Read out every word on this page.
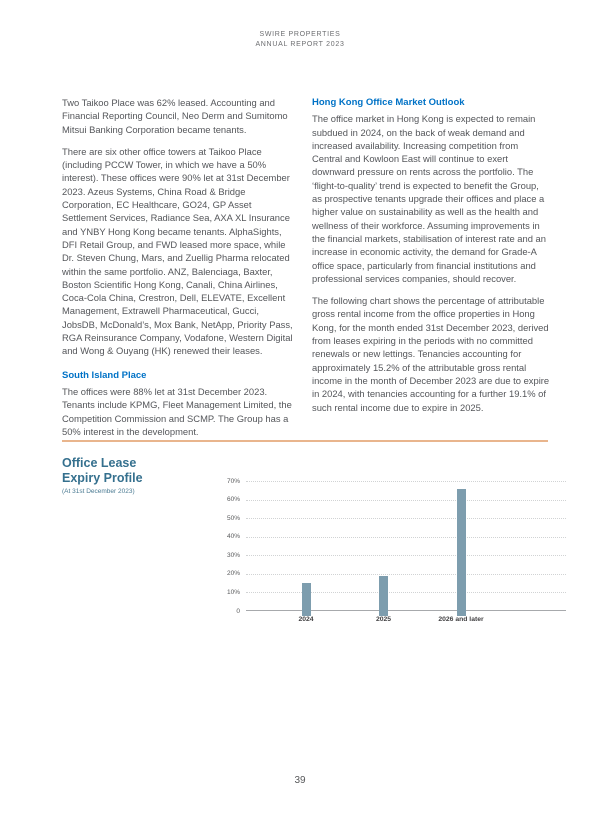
SWIRE PROPERTIES
ANNUAL REPORT 2023

Two Taikoo Place was 62% leased. Accounting and Financial Reporting Council, Neo Derm and Sumitomo Mitsui Banking Corporation became tenants.

There are six other office towers at Taikoo Place (including PCCW Tower, in which we have a 50% interest). These offices were 90% let at 31st December 2023. Azeus Systems, China Road & Bridge Corporation, EC Healthcare, GO24, GP Asset Settlement Services, Radiance Sea, AXA XL Insurance and YNBY Hong Kong became tenants. AlphaSights, DFI Retail Group, and FWD leased more space, while Dr. Steven Chung, Mars, and Zuellig Pharma relocated within the same portfolio. ANZ, Balenciaga, Baxter, Boston Scientific Hong Kong, Canali, China Airlines, Coca-Cola China, Crestron, Dell, ELEVATE, Excellent Management, Extrawell Pharmaceutical, Gucci, JobsDB, McDonald’s, Mox Bank, NetApp, Priority Pass, RGA Reinsurance Company, Vodafone, Western Digital and Wong & Ouyang (HK) renewed their leases.

South Island Place

The offices were 88% let at 31st December 2023. Tenants include KPMG, Fleet Management Limited, the Competition Commission and SCMP. The Group has a 50% interest in the development.

Hong Kong Office Market Outlook

The office market in Hong Kong is expected to remain subdued in 2024, on the back of weak demand and increased availability. Increasing competition from Central and Kowloon East will continue to exert downward pressure on rents across the portfolio. The ‘flight-to-quality’ trend is expected to benefit the Group, as prospective tenants upgrade their offices and place a higher value on sustainability as well as the health and wellness of their workforce. Assuming improvements in the financial markets, stabilisation of interest rate and an increase in economic activity, the demand for Grade-A office space, particularly from financial institutions and professional services companies, should recover.

The following chart shows the percentage of attributable gross rental income from the office properties in Hong Kong, for the month ended 31st December 2023, derived from leases expiring in the periods with no committed renewals or new lettings. Tenancies accounting for approximately 15.2% of the attributable gross rental income in the month of December 2023 are due to expire in 2024, with tenancies accounting for a further 19.1% of such rental income due to expire in 2025.

Office Lease
Expiry Profile
(At 31st December 2023)
0
10%
20%
30%
40%
50%
60%
70%
2024	2025	2026 and later
39
